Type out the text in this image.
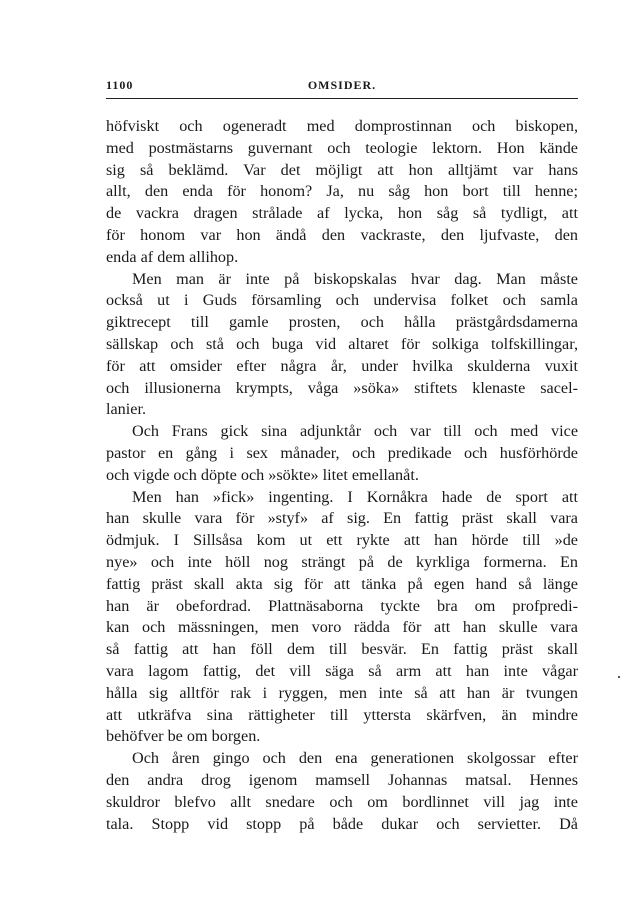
1100	OMSIDER.

höfviskt och ogeneradt med domprostinnan och biskopen,
med postmästarns guvernant och teologie lektorn. Hon kände
sig så beklämd. Var det möjligt att hon alltjämt var hans
allt, den enda för honom? Ja, nu såg hon bort till henne;
de vackra dragen strålade af lycka, hon såg så tydligt, att
för honom var hon ändå den vackraste, den ljufvaste, den
enda af dem allihop.

Men man är inte på biskopskalas hvar dag. Man måste
också ut i Guds församling och undervisa folket och samla
giktrecept till gamle prosten, och hålla prästgårdsdamerna
sällskap och stå och buga vid altaret för solkiga tolfskillingar,
för att omsider efter några år, under hvilka skulderna vuxit
och illusionerna krympts, våga »söka» stiftets klenaste sacel-
lanier.

Och Frans gick sina adjunktår och var till och med vice
pastor en gång i sex månader, och predikade och husförhörde
och vigde och döpte och »sökte» litet emellanåt.

Men han »fick» ingenting. I Kornåkra hade de sport att
han skulle vara för »styf» af sig. En fattig präst skall vara
ödmjuk. I Sillsåsa kom ut ett rykte att han hörde till »de
nye» och inte höll nog strängt på de kyrkliga formerna. En
fattig präst skall akta sig för att tänka på egen hand så länge
han är obefordrad. Plattnäsaborna tyckte bra om profpredi-
kan och mässningen, men voro rädda för att han skulle vara
så fattig att han föll dem till besvär. En fattig präst skall
vara lagom fattig, det vill säga så arm att han inte vågar
hålla sig alltför rak i ryggen, men inte så att han är tvungen
att utkräfva sina rättigheter till yttersta skärfven, än mindre
behöfver be om borgen.

Och åren gingo och den ena generationen skolgossar efter
den andra drog igenom mamsell Johannas matsal. Hennes
skuldror blefvo allt snedare och om bordlinnet vill jag inte
tala. Stopp vid stopp på både dukar och servietter. Då
